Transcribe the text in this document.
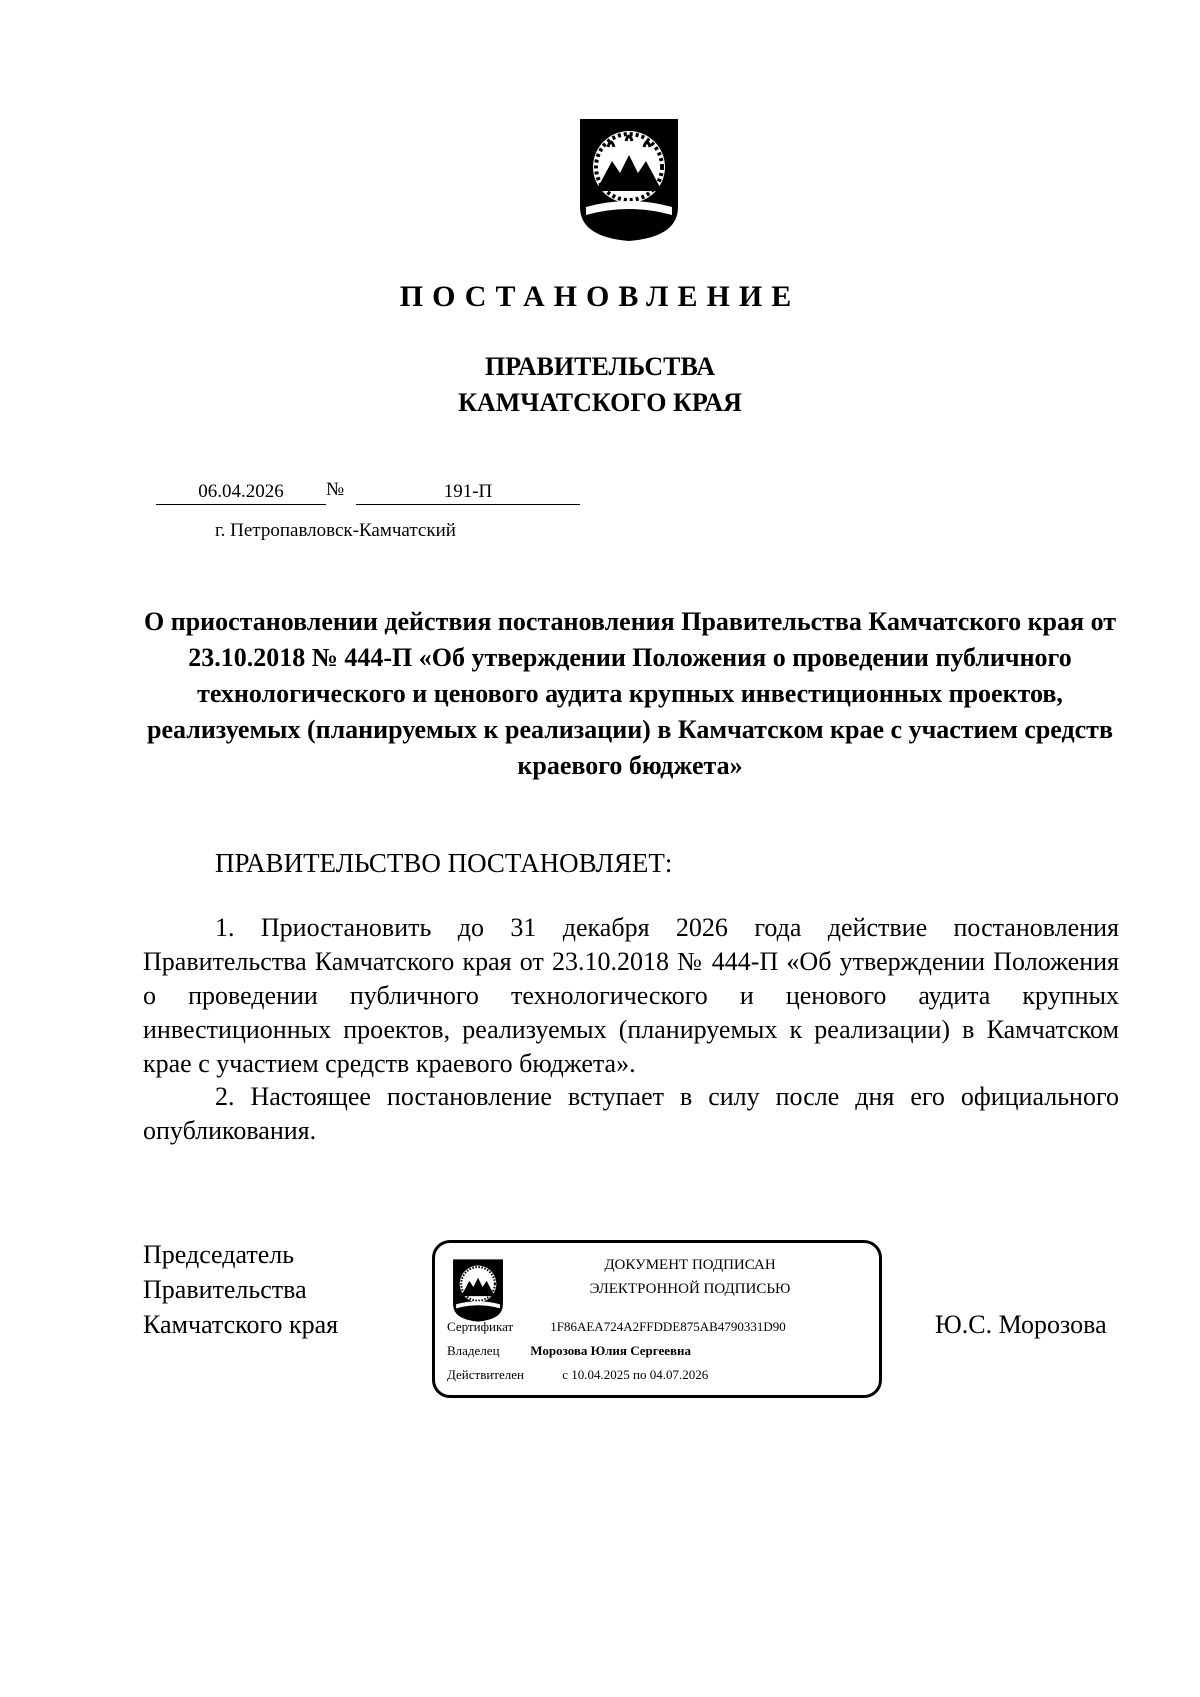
ПОСТАНОВЛЕНИЕ
ПРАВИТЕЛЬСТВА
КАМЧАТСКОГО КРАЯ
06.04.2026	№	191-П
г. Петропавловск-Камчатский
О приостановлении действия постановления Правительства Камчатского края от 23.10.2018 № 444-П «Об утверждении Положения о проведении публичного технологического и ценового аудита крупных инвестиционных проектов, реализуемых (планируемых к реализации) в Камчатском крае с участием средств краевого бюджета»
ПРАВИТЕЛЬСТВО ПОСТАНОВЛЯЕТ:
1. Приостановить до 31 декабря 2026 года действие постановления Правительства Камчатского края от 23.10.2018 № 444-П «Об утверждении Положения о проведении публичного технологического и ценового аудита крупных инвестиционных проектов, реализуемых (планируемых к реализации) в Камчатском крае с участием средств краевого бюджета».
2. Настоящее постановление вступает в силу после дня его официального опубликования.
Председатель
Правительства
Камчатского края	Ю.С. Морозова
ДОКУМЕНТ ПОДПИСАН
ЭЛЕКТРОННОЙ ПОДПИСЬЮ
Сертификат	1F86AEA724A2FFDDE875AB4790331D90
Владелец Морозова Юлия Сергеевна
Действителен	с 10.04.2025 по 04.07.2026
